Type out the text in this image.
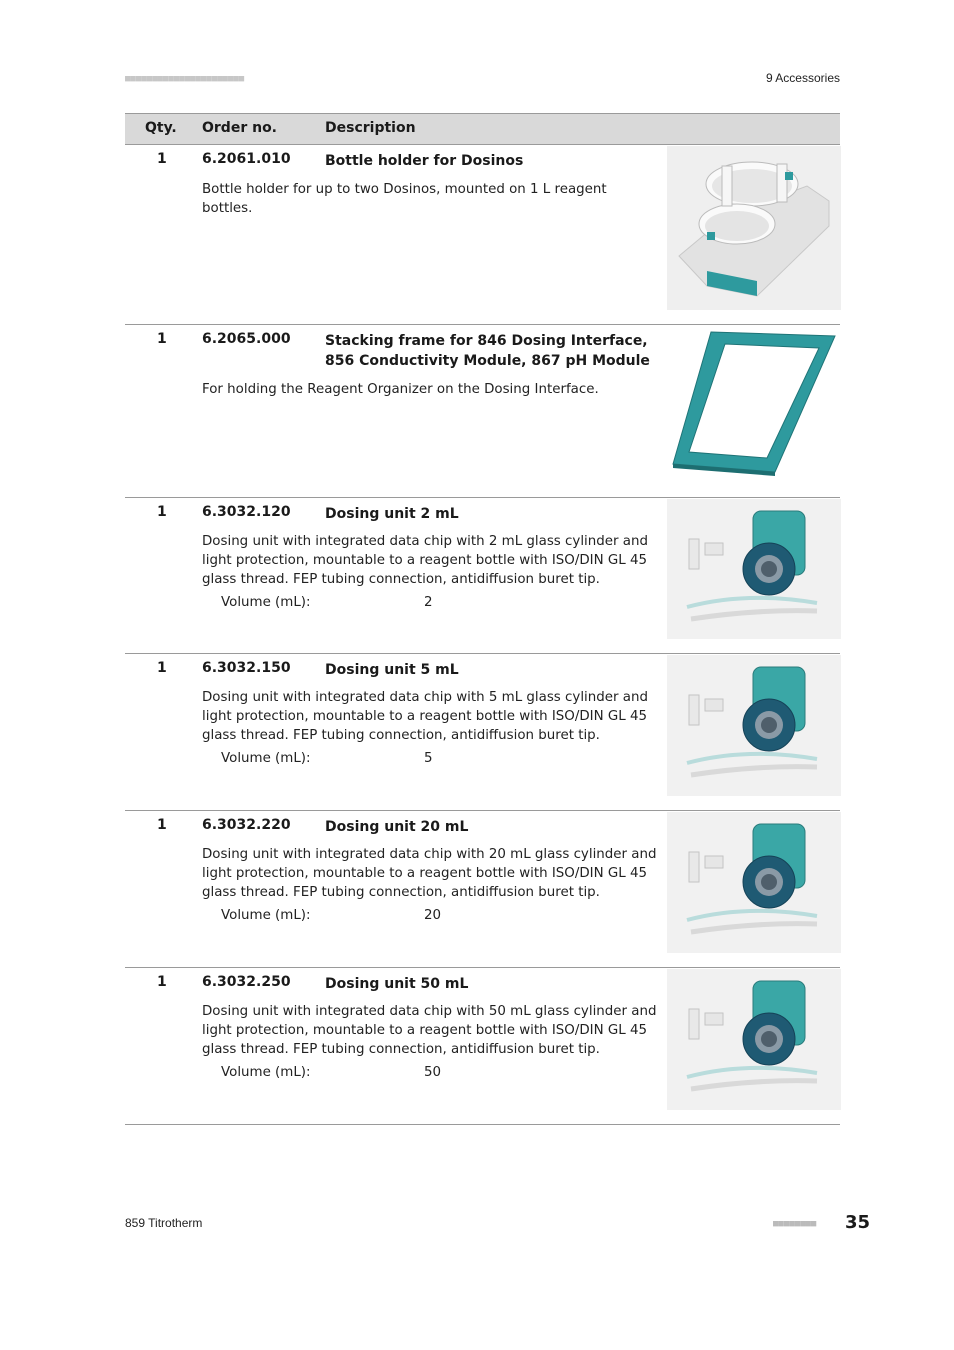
■■■■■■■■■■■■■■■■■■■■■■	9 Accessories
Qty. Order no.	Description
1	6.2061.010 Bottle holder for Dosinos
Bottle holder for up to two Dosinos, mounted on 1 L reagent bottles.
1	6.2065.000 Stacking frame for 846 Dosing Interface, 856 Conductivity Module, 867 pH Module
For holding the Reagent Organizer on the Dosing Interface.
1	6.3032.120 Dosing unit 2 mL
Dosing unit with integrated data chip with 2 mL glass cylinder and light protection, mountable to a reagent bottle with ISO/DIN GL 45 glass thread. FEP tubing connection, antidiffusion buret tip.
Volume (mL):	2
1	6.3032.150 Dosing unit 5 mL
Dosing unit with integrated data chip with 5 mL glass cylinder and light protection, mountable to a reagent bottle with ISO/DIN GL 45 glass thread. FEP tubing connection, antidiffusion buret tip.
Volume (mL):	5
1	6.3032.220 Dosing unit 20 mL
Dosing unit with integrated data chip with 20 mL glass cylinder and light protection, mountable to a reagent bottle with ISO/DIN GL 45 glass thread. FEP tubing connection, antidiffusion buret tip.
Volume (mL):	20
1	6.3032.250 Dosing unit 50 mL
Dosing unit with integrated data chip with 50 mL glass cylinder and light protection, mountable to a reagent bottle with ISO/DIN GL 45 glass thread. FEP tubing connection, antidiffusion buret tip.
Volume (mL):	50
859 Titrotherm	■■■■■■■■ 35
